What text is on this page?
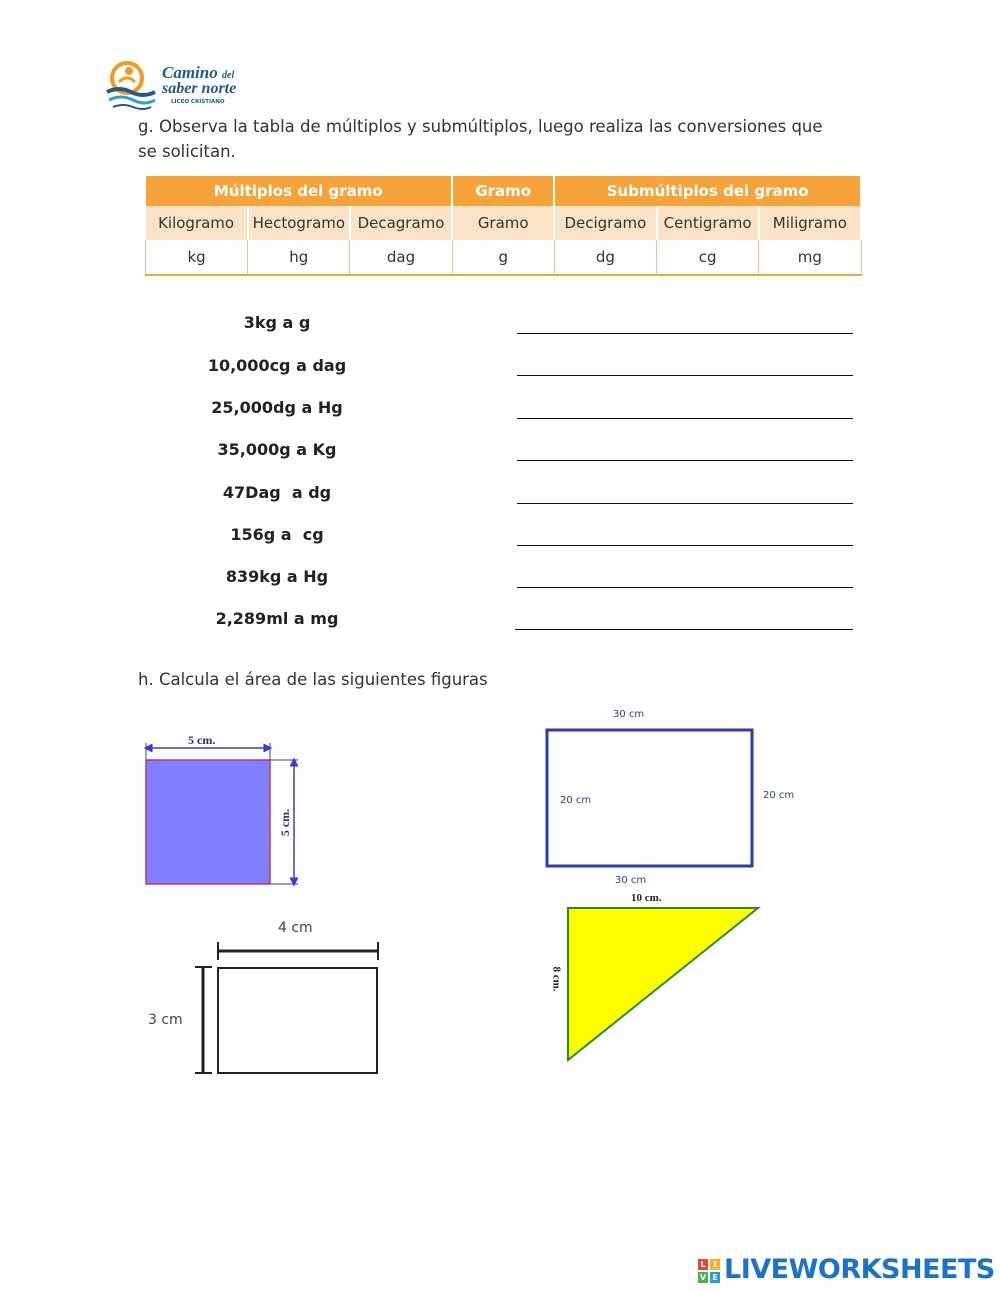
Camino del
saber norte
LICEO CRISTIANO
g. Observa la tabla de múltiplos y submúltiplos, luego realiza las conversiones que
se solicitan.
Múltiplos del gramo			Gramo	Submúltiplos del gramo		
Kilogramo	Hectogramo	Decagramo	Gramo	Decigramo	Centigramo	Miligramo
kg	hg	dag	g	dg	cg	mg
3kg a g
10,000cg a dag
25,000dg a Hg
35,000g a Kg
47Dag  a dg
156g a  cg
839kg a Hg
2,289ml a mg
h. Calcula el área de las siguientes figuras
5 cm.
5 cm.
30 cm
30 cm
20 cm	20 cm
4 cm
3 cm
10 cm.
8 cm.
L I
V E LIVEWORKSHEETS
